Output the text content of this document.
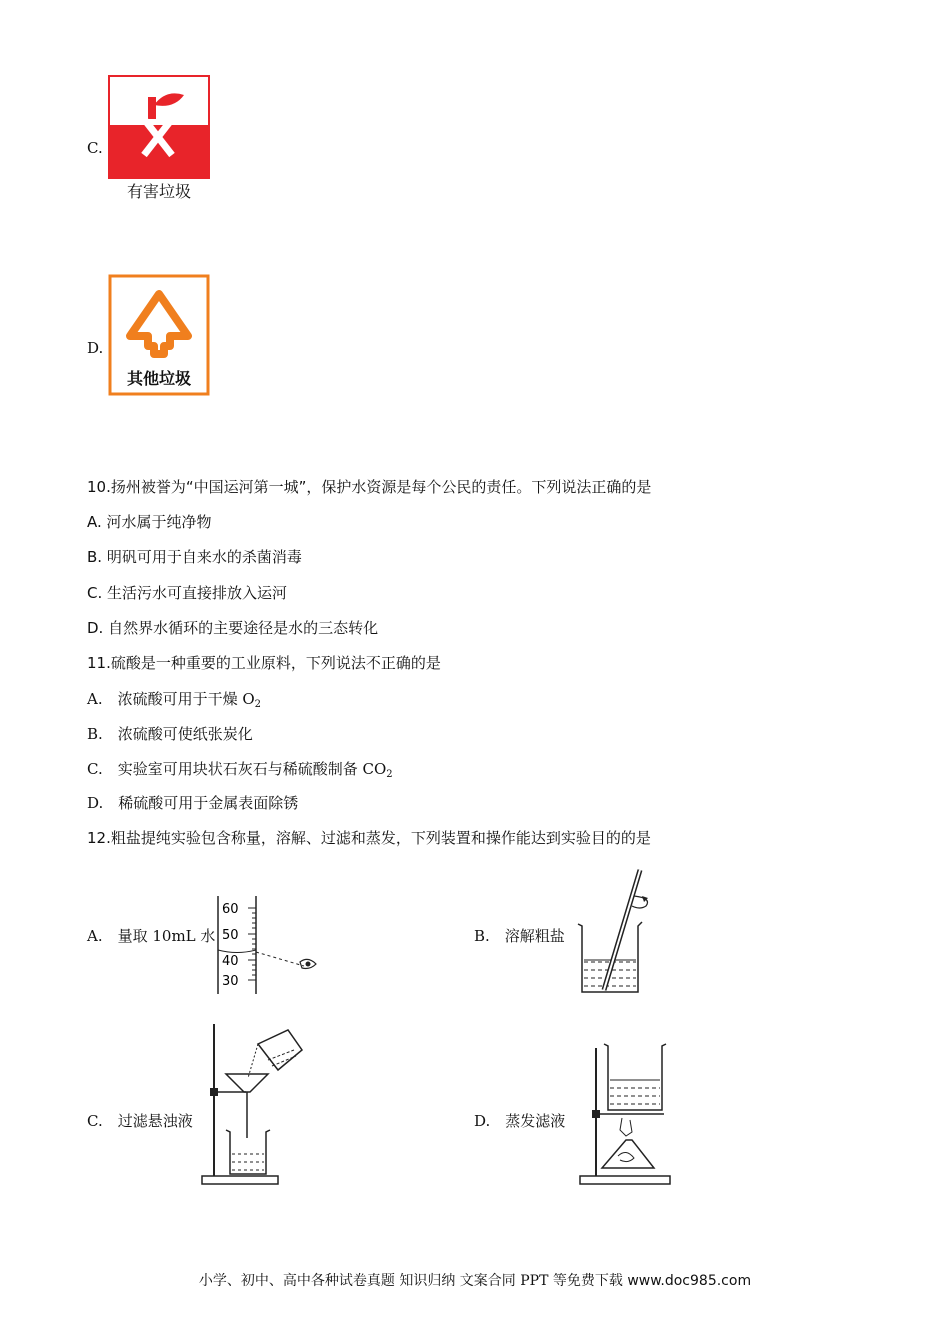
C.
有害垃圾
D.
其他垃圾
10.扬州被誉为“中国运河第一城”，保护水资源是每个公民的责任。下列说法正确的是
A. 河水属于纯净物
B. 明矾可用于自来水的杀菌消毒
C. 生活污水可直接排放入运河
D. 自然界水循环的主要途径是水的三态转化
11.硫酸是一种重要的工业原料，下列说法不正确的是
A.　浓硫酸可用于干燥 $O_2$
B.　浓硫酸可使纸张炭化
C.　实验室可用块状石灰石与稀硫酸制备 $CO_2$
D.　稀硫酸可用于金属表面除锈
12.粗盐提纯实验包含称量，溶解、过滤和蒸发，下列装置和操作能达到实验目的的是
A.　量取 10mL 水
60
50
40
30
B.　溶解粗盐
C.　过滤悬浊液	D.　蒸发滤液
小学、初中、高中各种试卷真题 知识归纳 文案合同 PPT 等免费下载 www.doc985.com
